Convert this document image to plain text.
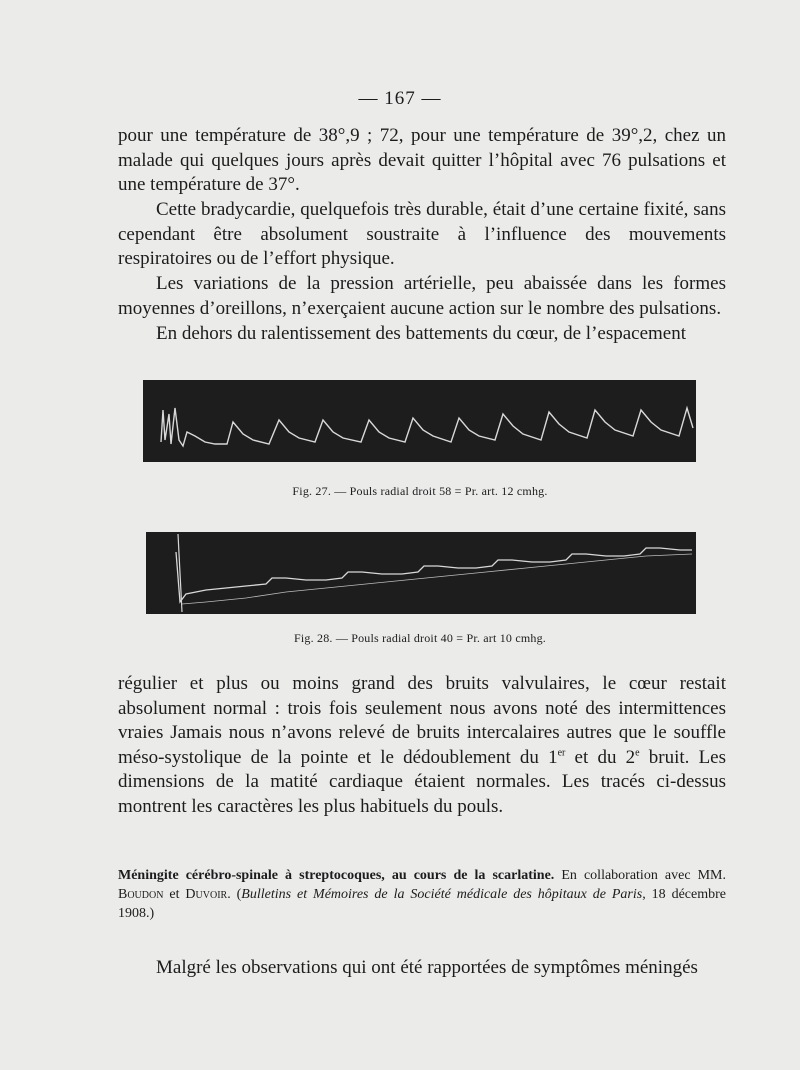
— 167 —

pour une température de 38°,9 ; 72, pour une température de 39°,2, chez un malade qui quelques jours après devait quitter l’hôpital avec 76 pulsations et une température de 37°.

Cette bradycardie, quelquefois très durable, était d’une certaine fixité, sans cependant être absolument soustraite à l’influence des mouvements respiratoires ou de l’effort physique.

Les variations de la pression artérielle, peu abaissée dans les formes moyennes d’oreillons, n’exerçaient aucune action sur le nombre des pulsations.

En dehors du ralentissement des battements du cœur, de l’espacement

Fig. 27. — Pouls radial droit 58 = Pr. art. 12 cmhg.
Fig. 28. — Pouls radial droit 40 = Pr. art 10 cmhg.

régulier et plus ou moins grand des bruits valvulaires, le cœur restait absolument normal : trois fois seulement nous avons noté des intermittences vraies Jamais nous n’avons relevé de bruits intercalaires autres que le souffle méso-systolique de la pointe et le dédoublement du 1er et du 2e bruit. Les dimensions de la matité cardiaque étaient normales. Les tracés ci-dessus montrent les caractères les plus habituels du pouls.

Méningite cérébro-spinale à streptocoques, au cours de la scarlatine. En collaboration avec MM. Boudon et Duvoir. (Bulletins et Mémoires de la Société médicale des hôpitaux de Paris, 18 décembre 1908.)

Malgré les observations qui ont été rapportées de symptômes méningés
